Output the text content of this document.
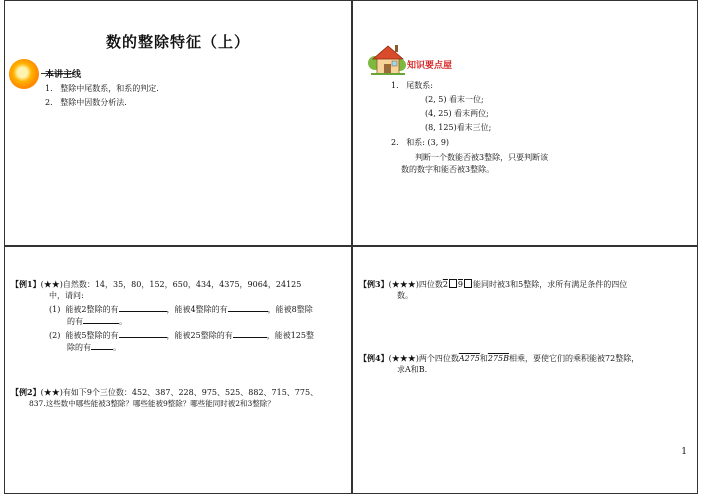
数的整除特征（上）
本讲主线
1. 整除中尾数系，和系的判定.
2. 整除中因数分析法.
知识要点屋
1. 尾数系:
(2, 5) 看末一位;
(4, 25) 看末两位;
(8, 125)看末三位;
2. 和系: (3, 9)
判断一个数能否被3整除，只要判断该
数的数字和能否被3整除。
【例1】(★★)自然数：14，35，80，152，650，434，4375，9064，24125
中，请问:
(1) 能被2整除的有	，能被4整除的有	，能被8整除
的有	。
(2) 能被5整除的有	，能被25整除的有	，能被125整
除的有	。
【例2】(★★)有如下9个三位数：452、387、228、975、525、882、715、775、
837.这些数中哪些能被3整除？哪些能被9整除？哪些能同时被2和3整除？
【例3】(★★★)四位数2 9 能同时被3和5整除，求所有满足条件的四位
数。
【例4】(★★★)两个四位数A275和275B相乘，要使它们的乘积能被72整除，
求A和B.
1
